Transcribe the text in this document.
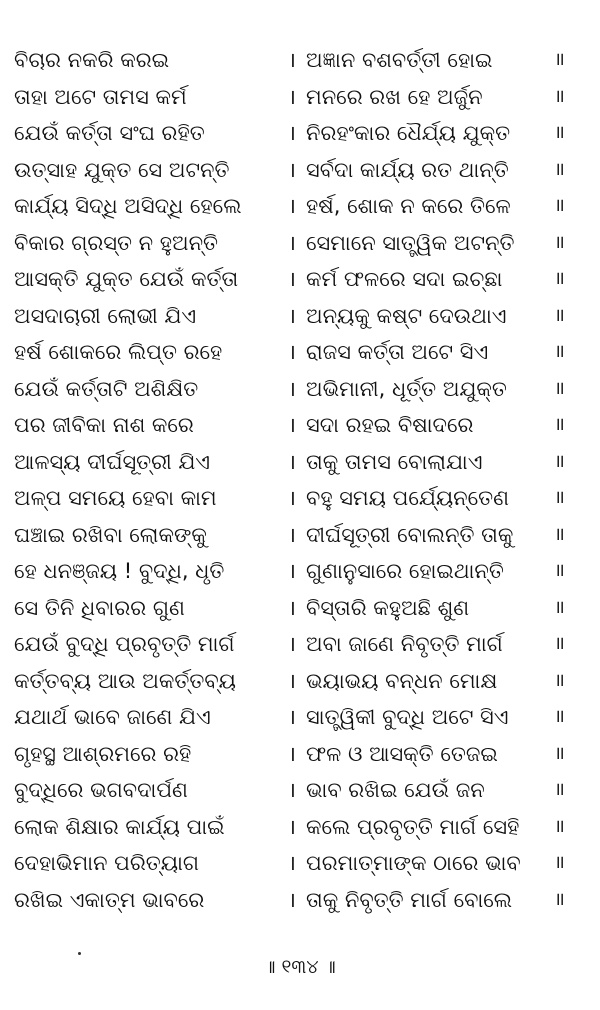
ବିଚାର ନକରି କରଇ	। ଅଜ୍ଞାନ ବଶବର୍ତ୍ତୀ ହୋଇ	॥
ତାହା ଅଟେ ତାମସ କର୍ମ	। ମନରେ ରଖ ହେ ଅର୍ଜୁନ	॥
ଯେଉଁ କର୍ତ୍ତା ସଂଘ ରହିତ	। ନିରହଂକାର ଧୈର୍ଯ୍ୟ ଯୁକ୍ତ ॥
ଉତ୍ସାହ ଯୁକ୍ତ ସେ ଅଟନ୍ତି	। ସର୍ବଦା କାର୍ଯ୍ୟ ରତ ଥାନ୍ତି	॥
କାର୍ଯ୍ୟ ସିଦ୍ଧି ଅସିଦ୍ଧି ହେଲେ । ହର୍ଷ, ଶୋକ ନ କରେ ତିଳେ ॥
ବିକାର ଗ୍ରସ୍ତ ନ ହୁଅନ୍ତି	। ସେମାନେ ସାତ୍ତ୍ୱିକ ଅଟନ୍ତି ॥
ଆସକ୍ତି ଯୁକ୍ତ ଯେଉଁ କର୍ତ୍ତା । କର୍ମ ଫଳରେ ସଦା ଇଚ୍ଛା	॥
ଅସଦାଚାରୀ ଲୋଭୀ ଯିଏ	। ଅନ୍ୟକୁ କଷ୍ଟ ଦେଉଥାଏ	॥
ହର୍ଷ ଶୋକରେ ଲିପ୍ତ ରହେ	। ରାଜସ କର୍ତ୍ତା ଅଟେ ସିଏ	॥
ଯେଉଁ କର୍ତ୍ତାଟି ଅଶିକ୍ଷିତ	। ଅଭିମାନୀ, ଧୂର୍ତ୍ତ ଅଯୁକ୍ତ	॥
ପର ଜୀବିକା ନାଶ କରେ	। ସଦା ରହଇ ବିଷାଦରେ	॥
ଆଳସ୍ୟ ଦୀର୍ଘସୂତ୍ରୀ ଯିଏ	। ତାକୁ ତାମସ ବୋଲାଯାଏ	॥
ଅଳ୍ପ ସମୟେ ହେବା କାମ	। ବହୁ ସମୟ ପର୍ଯ୍ୟେନ୍ତେଣ ॥
ଘଞ୍ଚାଇ ରଖିବା ଲୋକଙ୍କୁ	। ଦୀର୍ଘସୂତ୍ରୀ ବୋଲନ୍ତି ତାକୁ ॥
ହେ ଧନଞ୍ଜୟ ! ବୁଦ୍ଧି, ଧୃତି	। ଗୁଣାନୁସାରେ ହୋଇଥାନ୍ତି	॥
ସେ ତିନି ଧିବାରର ଗୁଣ	। ବିସ୍ତାରି କହୁଅଛି ଶୁଣ	॥
ଯେଉଁ ବୁଦ୍ଧି ପ୍ରବୃତ୍ତି ମାର୍ଗ	। ଅବା ଜାଣେ ନିବୃତ୍ତି ମାର୍ଗ	॥
କର୍ତ୍ତବ୍ୟ ଆଉ ଅକର୍ତ୍ତବ୍ୟ । ଭୟାଭୟ ବନ୍ଧନ ମୋକ୍ଷ	॥
ଯଥାର୍ଥ ଭାବେ ଜାଣେ ଯିଏ	। ସାତ୍ତ୍ୱିକୀ ବୁଦ୍ଧି ଅଟେ ସିଏ	॥
ଗୃହସ୍ଥ ଆଶ୍ରମରେ ରହି	। ଫଳ ଓ ଆସକ୍ତି ତେଜଇ	॥
ବୁଦ୍ଧିରେ ଭଗବଦାର୍ପଣ	। ଭାବ ରଖିଇ ଯେଉଁ ଜନ	॥
ଲୋକ ଶିକ୍ଷାର କାର୍ଯ୍ୟ ପାଇଁ	। କଲେ ପ୍ରବୃତ୍ତି ମାର୍ଗ ସେହି ॥
ଦେହାଭିମାନ ପରିତ୍ୟାଗ	। ପରମାତ୍ମାଙ୍କ ଠାରେ ଭାବ ॥
ରଖିଇ ଏକାତ୍ମ ଭାବରେ	। ତାକୁ ନିବୃତ୍ତି ମାର୍ଗ ବୋଲେ ॥
॥ ୧୩୪ ॥
